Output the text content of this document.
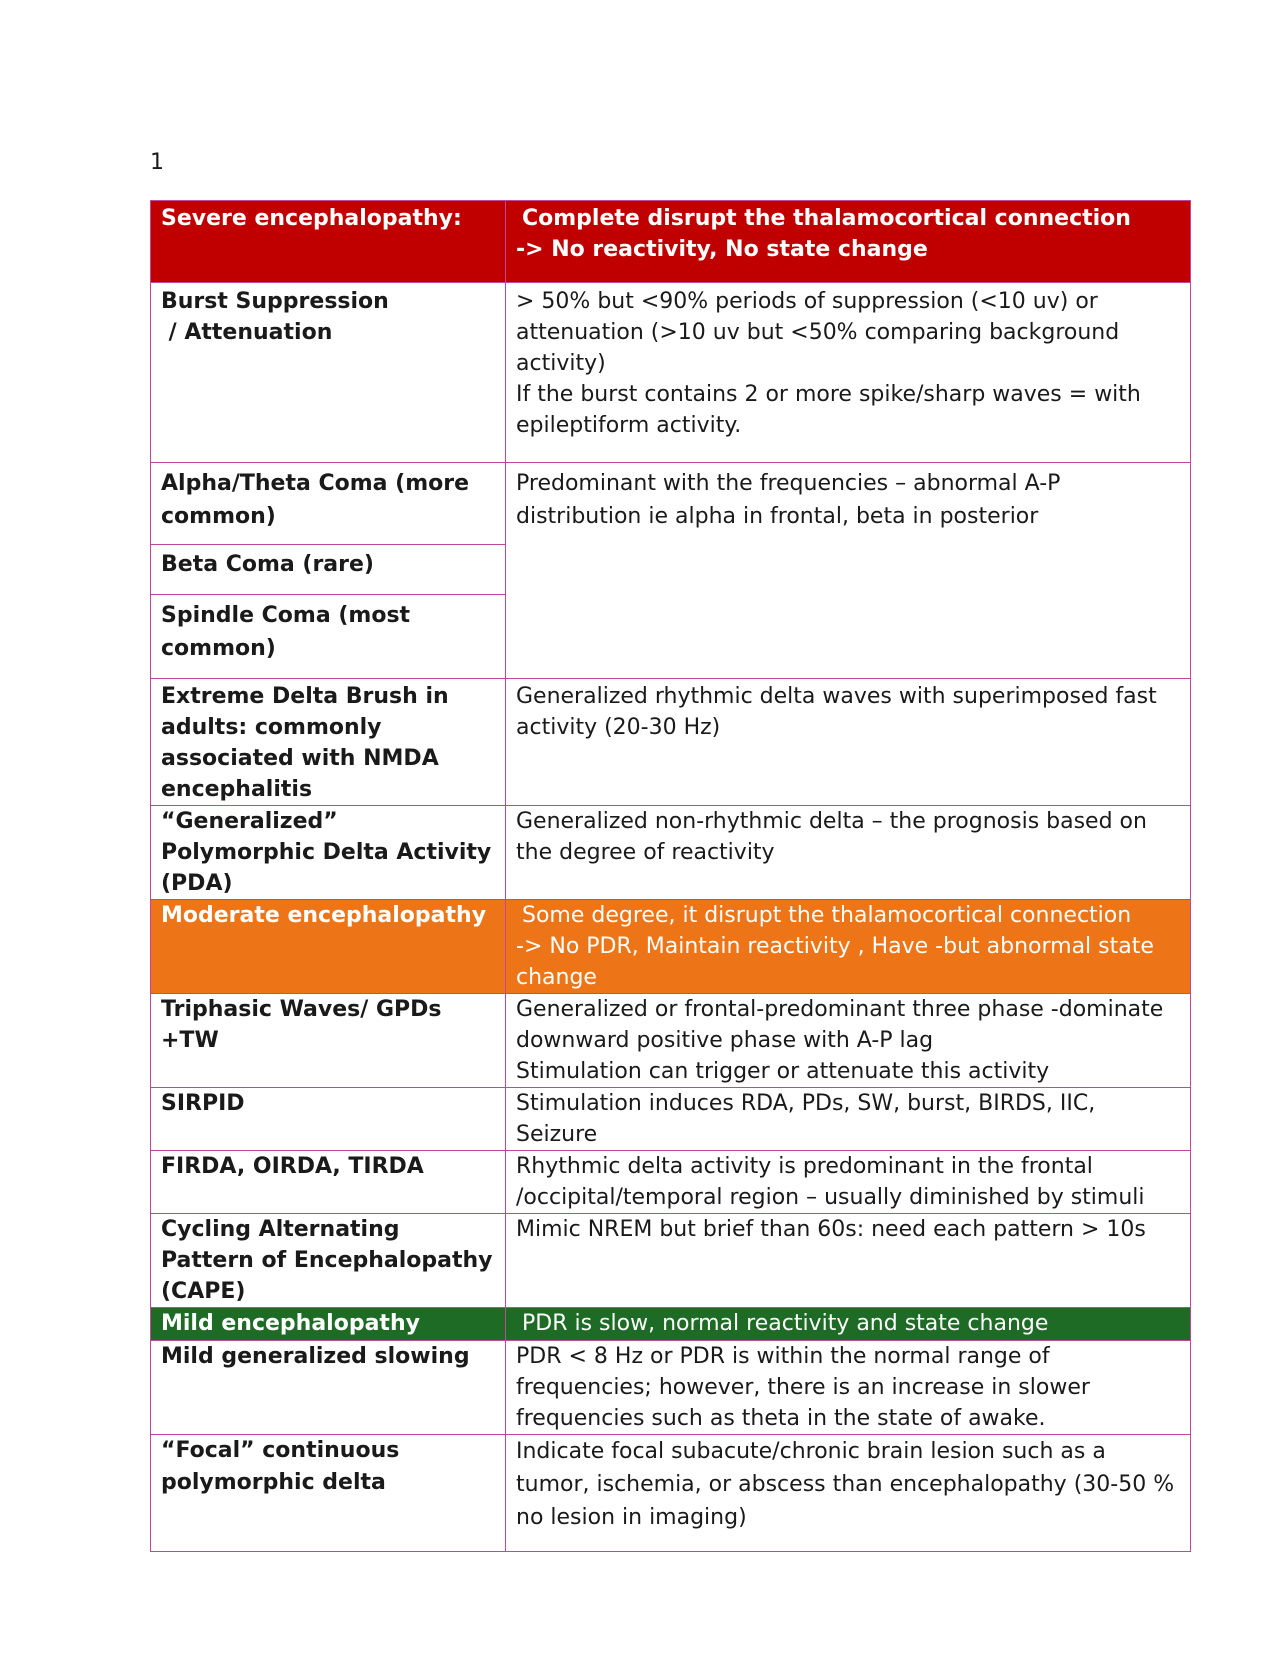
1
Severe encephalopathy:	Complete disrupt the thalamocortical connection
-> No reactivity, No state change

Burst Suppression
/ Attenuation	> 50% but <90% periods of suppression (<10 uv) or attenuation (>10 uv but <50% comparing background activity)
If the burst contains 2 or more spike/sharp waves = with epileptiform activity.

Alpha/Theta Coma (more common)	Predominant with the frequencies – abnormal A-P distribution ie alpha in frontal, beta in posterior
Beta Coma (rare)	
Spindle Coma (most common)	
Extreme Delta Brush in adults: commonly associated with NMDA encephalitis	Generalized rhythmic delta waves with superimposed fast activity (20-30 Hz)
“Generalized” Polymorphic Delta Activity (PDA)	Generalized non-rhythmic delta – the prognosis based on the degree of reactivity
Moderate encephalopathy	Some degree, it disrupt the thalamocortical connection
-> No PDR, Maintain reactivity , Have -but abnormal state change

Triphasic Waves/ GPDs +TW	Generalized or frontal-predominant three phase -dominate downward positive phase with A-P lag
Stimulation can trigger or attenuate this activity

SIRPID	Stimulation induces RDA, PDs, SW, burst, BIRDS, IIC, Seizure
FIRDA, OIRDA, TIRDA	Rhythmic delta activity is predominant in the frontal /occipital/temporal region – usually diminished by stimuli
Cycling Alternating Pattern of Encephalopathy (CAPE)	Mimic NREM but brief than 60s: need each pattern > 10s
Mild encephalopathy	PDR is slow, normal reactivity and state change
Mild generalized slowing	PDR < 8 Hz or PDR is within the normal range of frequencies; however, there is an increase in slower frequencies such as theta in the state of awake.
“Focal” continuous polymorphic delta	Indicate focal subacute/chronic brain lesion such as a tumor, ischemia, or abscess than encephalopathy (30-50 % no lesion in imaging)
